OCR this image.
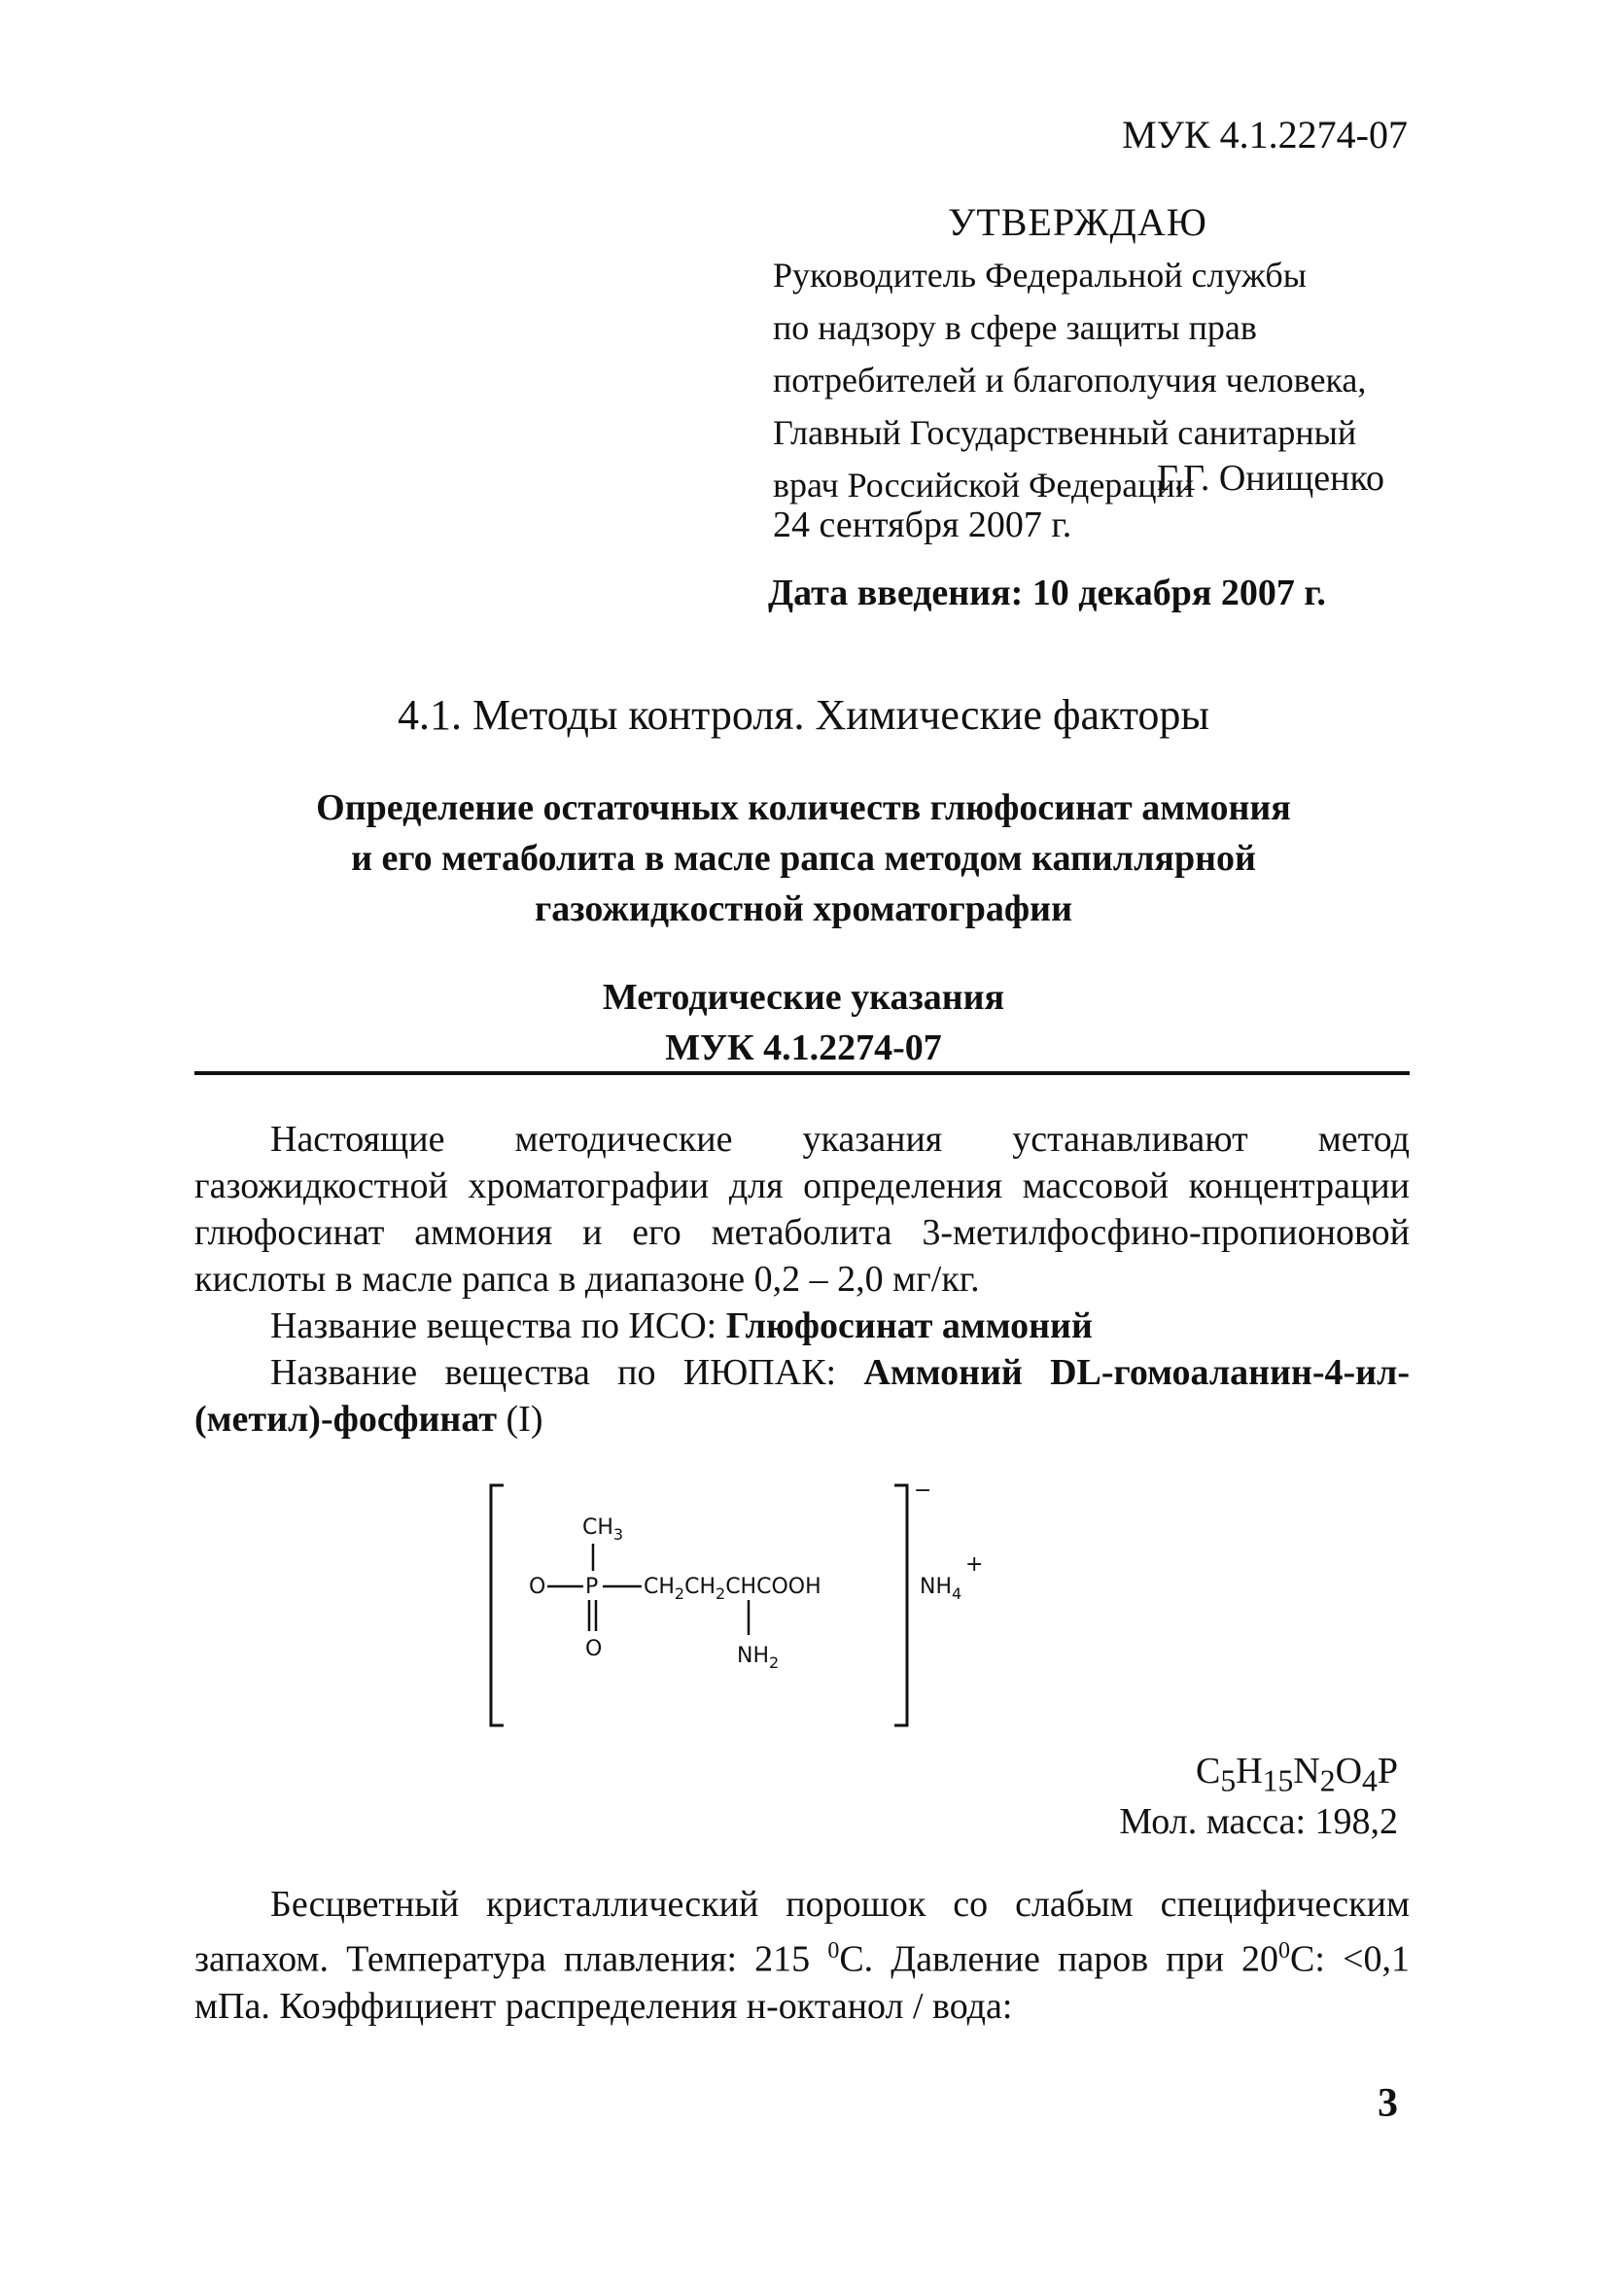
МУК 4.1.2274-07
УТВЕРЖДАЮ
Руководитель Федеральной службы
по надзору в сфере защиты прав
потребителей и благополучия человека,
Главный Государственный санитарный
врач Российской Федерации
Г.Г. Онищенко
24 сентября 2007 г.
Дата введения: 10 декабря 2007 г.
4.1. Методы контроля. Химические факторы
Определение остаточных количеств глюфосинат аммония
и его метаболита в масле рапса методом капиллярной
газожидкостной хроматографии
Методические указания
МУК 4.1.2274-07
Настоящие методические указания устанавливают метод газожидкостной хроматографии для определения массовой концентрации глюфосинат аммония и его метаболита 3-метилфосфино-пропионовой кислоты в масле рапса в диапазоне 0,2 – 2,0 мг/кг.
Название вещества по ИСО: Глюфосинат аммоний
Название вещества по ИЮПАК: Аммоний DL-гомоаланин-4-ил-(метил)-фосфинат (I)
−
$CH_3$
O P $CH_2CH_2CHCOOH$
O	$NH_2$
$NH_4$
+
$C_5H_{15}N_2O_4P$
Мол. масса: 198,2
Бесцветный кристаллический порошок со слабым специфическим запахом. Температура плавления: 215 $^0$С. Давление паров при $20^0С$: <0,1 мПа. Коэффициент распределения н-октанол / вода:
3
